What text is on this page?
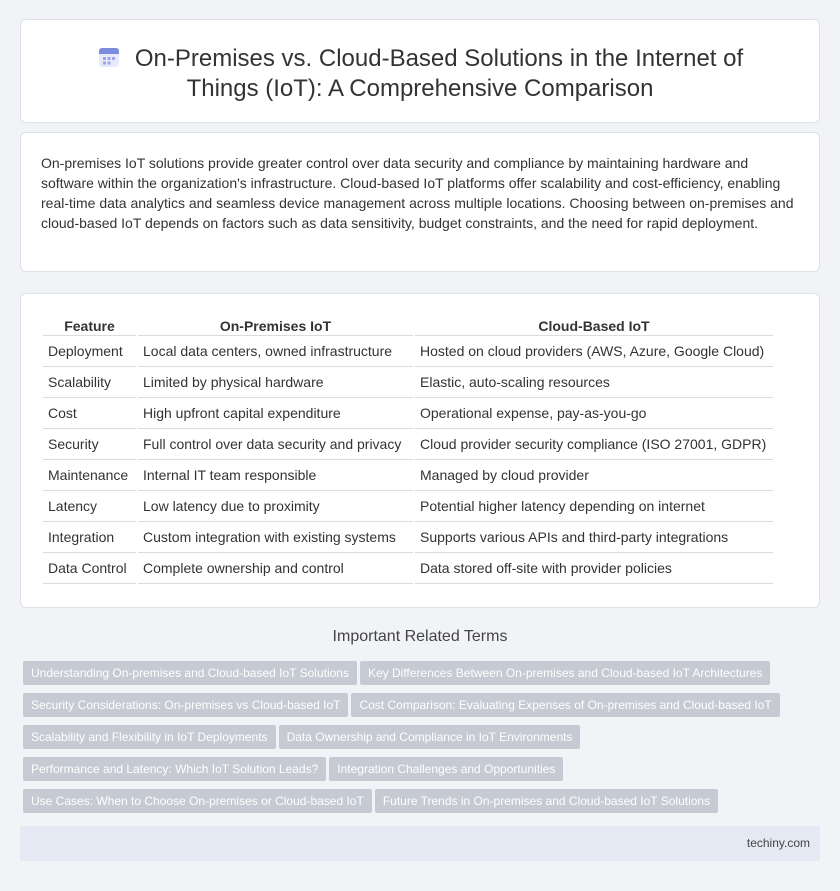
On-Premises vs. Cloud-Based Solutions in the Internet of Things (IoT): A Comprehensive Comparison

On-premises IoT solutions provide greater control over data security and compliance by maintaining hardware and software within the organization's infrastructure. Cloud-based IoT platforms offer scalability and cost-efficiency, enabling real-time data analytics and seamless device management across multiple locations. Choosing between on-premises and cloud-based IoT depends on factors such as data sensitivity, budget constraints, and the need for rapid deployment.

Feature	On-Premises IoT	Cloud-Based IoT
Deployment	Local data centers, owned infrastructure	Hosted on cloud providers (AWS, Azure, Google Cloud)
Scalability	Limited by physical hardware	Elastic, auto-scaling resources
Cost	High upfront capital expenditure	Operational expense, pay-as-you-go
Security	Full control over data security and privacy	Cloud provider security compliance (ISO 27001, GDPR)
Maintenance	Internal IT team responsible	Managed by cloud provider
Latency	Low latency due to proximity	Potential higher latency depending on internet
Integration	Custom integration with existing systems	Supports various APIs and third-party integrations
Data Control	Complete ownership and control	Data stored off-site with provider policies
Important Related Terms
Understanding On-premises and Cloud-based IoT Solutions Key Differences Between On-premises and Cloud-based IoT Architectures
Security Considerations: On-premises vs Cloud-based IoT Cost Comparison: Evaluating Expenses of On-premises and Cloud-based IoT
Scalability and Flexibility in IoT Deployments Data Ownership and Compliance in IoT Environments
Performance and Latency: Which IoT Solution Leads? Integration Challenges and Opportunities
Use Cases: When to Choose On-premises or Cloud-based IoT Future Trends in On-premises and Cloud-based IoT Solutions
techiny.com
